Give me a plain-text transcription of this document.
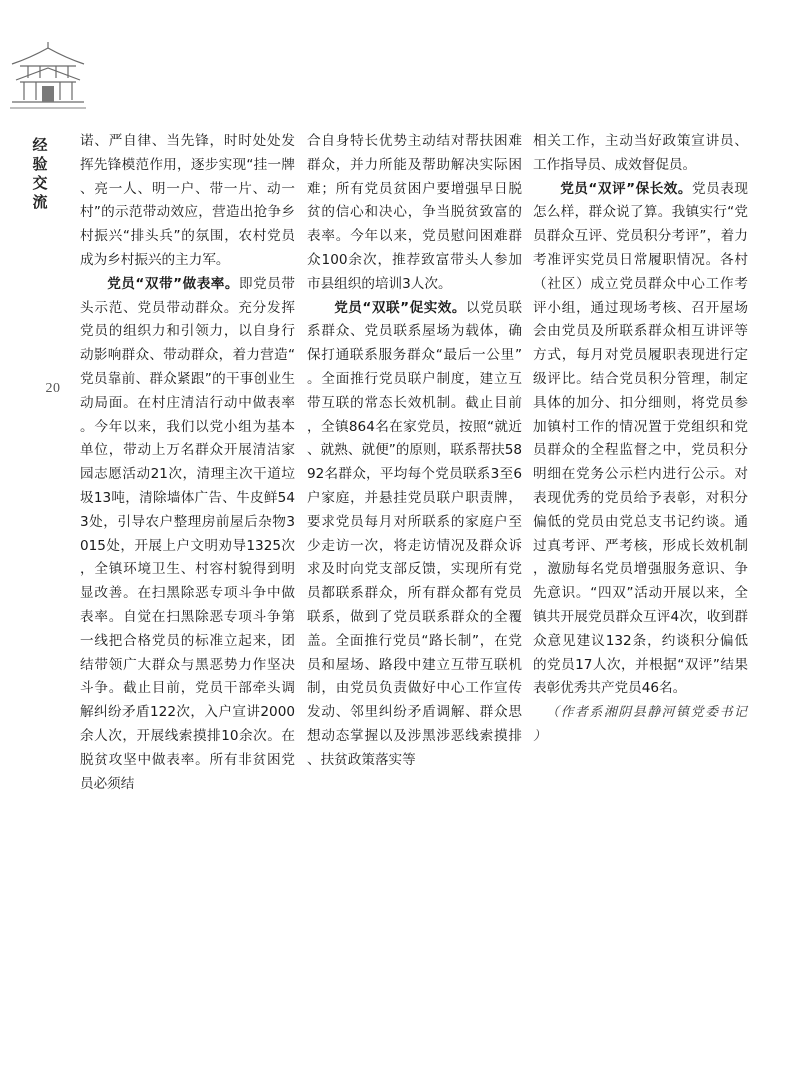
经验交流
20

诺、严自律、当先锋，时时处处发挥先锋模范作用，逐步实现“挂一牌、亮一人、明一户、带一片、动一村”的示范带动效应，营造出抢争乡村振兴“排头兵”的氛围，农村党员成为乡村振兴的主力军。

党员“双带”做表率。即党员带头示范、党员带动群众。充分发挥党员的组织力和引领力，以自身行动影响群众、带动群众，着力营造“党员靠前、群众紧跟”的干事创业生动局面。在村庄清洁行动中做表率。今年以来，我们以党小组为基本单位，带动上万名群众开展清洁家园志愿活动21次，清理主次干道垃圾13吨，清除墙体广告、牛皮鲜543处，引导农户整理房前屋后杂物3015处，开展上户文明劝导1325次，全镇环境卫生、村容村貌得到明显改善。在扫黑除恶专项斗争中做表率。自觉在扫黑除恶专项斗争第一线把合格党员的标准立起来，团结带领广大群众与黑恶势力作坚决斗争。截止目前，党员干部牵头调解纠纷矛盾122次，入户宣讲2000余人次，开展线索摸排10余次。在脱贫攻坚中做表率。所有非贫困党员必须结

合自身特长优势主动结对帮扶困难群众，并力所能及帮助解决实际困难；所有党员贫困户要增强早日脱贫的信心和决心，争当脱贫致富的表率。今年以来，党员慰问困难群众100余次，推荐致富带头人参加市县组织的培训3人次。

党员“双联”促实效。以党员联系群众、党员联系屋场为载体，确保打通联系服务群众“最后一公里”。全面推行党员联户制度，建立互带互联的常态长效机制。截止目前，全镇864名在家党员，按照“就近、就熟、就便”的原则，联系帮扶5892名群众，平均每个党员联系3至6户家庭，并悬挂党员联户职责牌，要求党员每月对所联系的家庭户至少走访一次，将走访情况及群众诉求及时向党支部反馈，实现所有党员都联系群众，所有群众都有党员联系，做到了党员联系群众的全覆盖。全面推行党员“路长制”，在党员和屋场、路段中建立互带互联机制，由党员负责做好中心工作宣传发动、邻里纠纷矛盾调解、群众思想动态掌握以及涉黑涉恶线索摸排、扶贫政策落实等

相关工作，主动当好政策宣讲员、工作指导员、成效督促员。

党员“双评”保长效。党员表现怎么样，群众说了算。我镇实行“党员群众互评、党员积分考评”，着力考准评实党员日常履职情况。各村（社区）成立党员群众中心工作考评小组，通过现场考核、召开屋场会由党员及所联系群众相互讲评等方式，每月对党员履职表现进行定级评比。结合党员积分管理，制定具体的加分、扣分细则，将党员参加镇村工作的情况置于党组织和党员群众的全程监督之中，党员积分明细在党务公示栏内进行公示。对表现优秀的党员给予表彰，对积分偏低的党员由党总支书记约谈。通过真考评、严考核，形成长效机制，激励每名党员增强服务意识、争先意识。“四双”活动开展以来，全镇共开展党员群众互评4次，收到群众意见建议132条，约谈积分偏低的党员17人次，并根据“双评”结果表彰优秀共产党员46名。

（作者系湘阴县静河镇党委书记）
